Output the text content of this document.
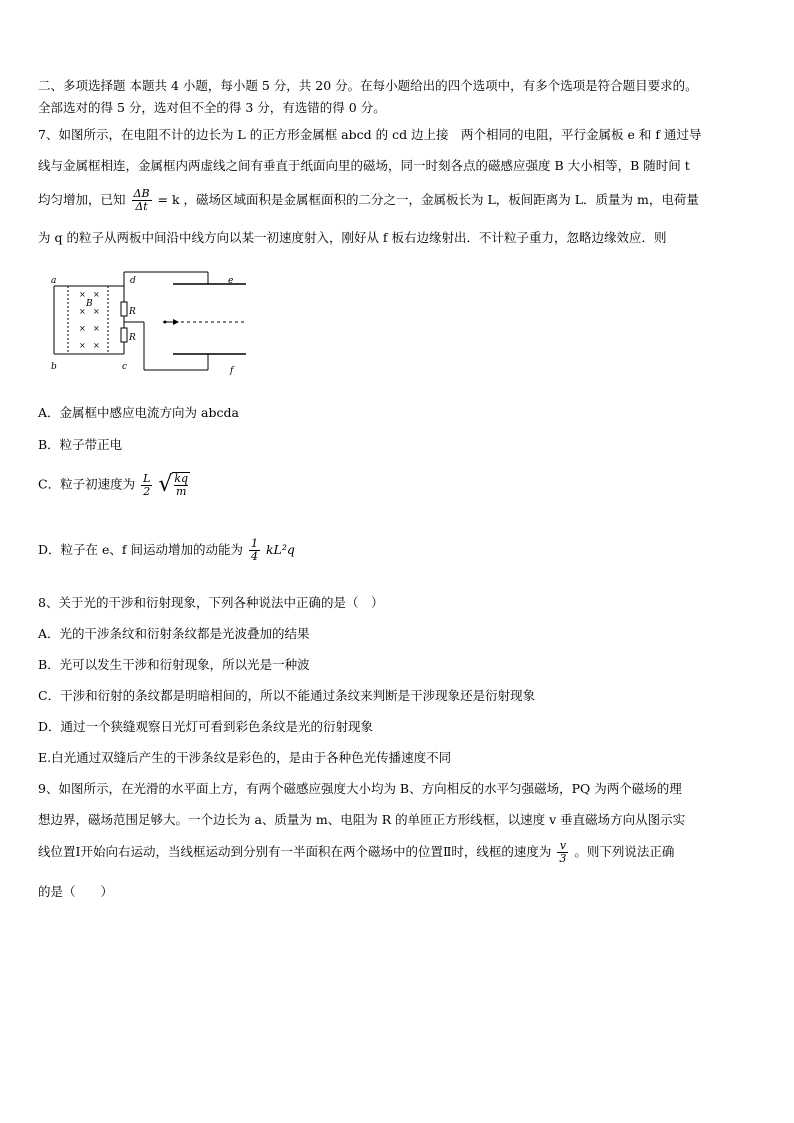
二、多项选择题 本题共 4 小题，每小题 5 分，共 20 分。在每小题给出的四个选项中，有多个选项是符合题目要求的。
全部选对的得 5 分，选对但不全的得 3 分，有选错的得 0 分。
7、如图所示，在电阻不计的边长为 L 的正方形金属框 abcd 的 cd 边上接　两个相同的电阻，平行金属板 e 和 f 通过导
线与金属框相连，金属框内两虚线之间有垂直于纸面向里的磁场，同一时刻各点的磁感应强度 B 大小相等，B 随时间 t
均匀增加，已知 $\frac{\Delta B}{\Delta t} = k$ ，磁场区域面积是金属框面积的二分之一，金属板长为 L，板间距离为 L．质量为 m，电荷量
为 q 的粒子从两板中间沿中线方向以某一初速度射入，刚好从 f 板右边缘射出．不计粒子重力，忽略边缘效应．则
a
b	c
d	e
f
B
R
R
× ×
× ×
× ×
× ×
A．金属框中感应电流方向为 abcda
B．粒子带正电
C．粒子初速度为 $\frac{L}{2}$ √ $\frac{kq}{m}$
D．粒子在 e、f 间运动增加的动能为 $\frac{1}{4} kL^2q$
8、关于光的干涉和衍射现象，下列各种说法中正确的是（　）
A．光的干涉条纹和衍射条纹都是光波叠加的结果
B．光可以发生干涉和衍射现象，所以光是一种波
C．干涉和衍射的条纹都是明暗相间的，所以不能通过条纹来判断是干涉现象还是衍射现象
D．通过一个狭缝观察日光灯可看到彩色条纹是光的衍射现象
E.白光通过双缝后产生的干涉条纹是彩色的，是由于各种色光传播速度不同
9、如图所示，在光滑的水平面上方，有两个磁感应强度大小均为 B、方向相反的水平匀强磁场，PQ 为两个磁场的理
想边界，磁场范围足够大。一个边长为 a、质量为 m、电阻为 R 的单匝正方形线框，以速度 v 垂直磁场方向从图示实
线位置Ⅰ开始向右运动，当线框运动到分别有一半面积在两个磁场中的位置Ⅱ时，线框的速度为 $\frac{v}{3}$ 。则下列说法正确
的是（　　）
